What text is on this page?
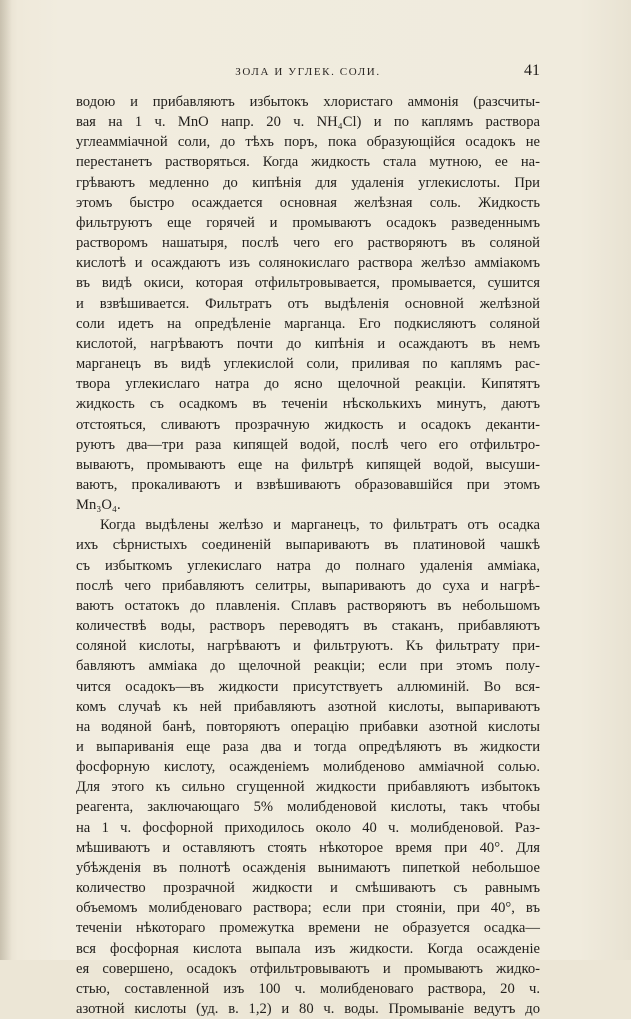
ЗОЛА И УГЛЕК. СОЛИ.	41

водою и прибавляютъ избытокъ хлористаго аммонія (разсчиты-

вая на 1 ч. MnO напр. 20 ч. NH₄Cl) и по каплямъ раствора

углеамміачной соли, до тѣхъ поръ, пока образующійся осадокъ не

перестанетъ растворяться. Когда жидкость стала мутною, ее на-

грѣваютъ медленно до кипѣнія для удаленія углекислоты. При

этомъ быстро осаждается основная желѣзная соль. Жидкость

фильтруютъ еще горячей и промываютъ осадокъ разведеннымъ

растворомъ нашатыря, послѣ чего его растворяютъ въ соляной

кислотѣ и осаждаютъ изъ солянокислаго раствора желѣзо амміакомъ

въ видѣ окиси, которая отфильтровывается, промывается, сушится

и взвѣшивается. Фильтратъ отъ выдѣленія основной желѣзной

соли идетъ на опредѣленіе марганца. Его подкисляютъ соляной

кислотой, нагрѣваютъ почти до кипѣнія и осаждаютъ въ немъ

марганецъ въ видѣ углекислой соли, приливая по каплямъ рас-

твора углекислаго натра до ясно щелочной реакціи. Кипятятъ

жидкость съ осадкомъ въ теченіи нѣсколькихъ минутъ, даютъ

отстояться, сливаютъ прозрачную жидкость и осадокъ деканти-

руютъ два—три раза кипящей водой, послѣ чего его отфильтро-

вываютъ, промываютъ еще на фильтрѣ кипящей водой, высуши-

ваютъ, прокаливаютъ и взвѣшиваютъ образовавшійся при этомъ

Mn₃O₄.

Когда выдѣлены желѣзо и марганецъ, то фильтратъ отъ осадка

ихъ сѣрнистыхъ соединеній выпариваютъ въ платиновой чашкѣ

съ избыткомъ углекислаго натра до полнаго удаленія амміака,

послѣ чего прибавляютъ селитры, выпариваютъ до суха и нагрѣ-

ваютъ остатокъ до плавленія. Сплавъ растворяютъ въ небольшомъ

количествѣ воды, растворъ переводятъ въ стаканъ, прибавляютъ

соляной кислоты, нагрѣваютъ и фильтруютъ. Къ фильтрату при-

бавляютъ амміака до щелочной реакціи; если при этомъ полу-

чится осадокъ—въ жидкости присутствуетъ аллюминій. Во вся-

комъ случаѣ къ ней прибавляютъ азотной кислоты, выпариваютъ

на водяной банѣ, повторяютъ операцію прибавки азотной кислоты

и выпариванія еще раза два и тогда опредѣляютъ въ жидкости

фосфорную кислоту, осажденіемъ молибденово амміачной солью.

Для этого къ сильно сгущенной жидкости прибавляютъ избытокъ

реагента, заключающаго 5% молибденовой кислоты, такъ чтобы

на 1 ч. фосфорной приходилось около 40 ч. молибденовой. Раз-

мѣшиваютъ и оставляютъ стоять нѣкоторое время при 40°. Для

убѣжденія въ полнотѣ осажденія вынимаютъ пипеткой небольшое

количество прозрачной жидкости и смѣшиваютъ съ равнымъ

объемомъ молибденоваго раствора; если при стояніи, при 40°, въ

теченіи нѣкотораго промежутка времени не образуется осадка—

вся фосфорная кислота выпала изъ жидкости. Когда осажденіе

ея совершено, осадокъ отфильтровываютъ и промываютъ жидко-

стью, составленной изъ 100 ч. молибденоваго раствора, 20 ч.

азотной кислоты (уд. в. 1,2) и 80 ч. воды. Промываніе ведутъ до
